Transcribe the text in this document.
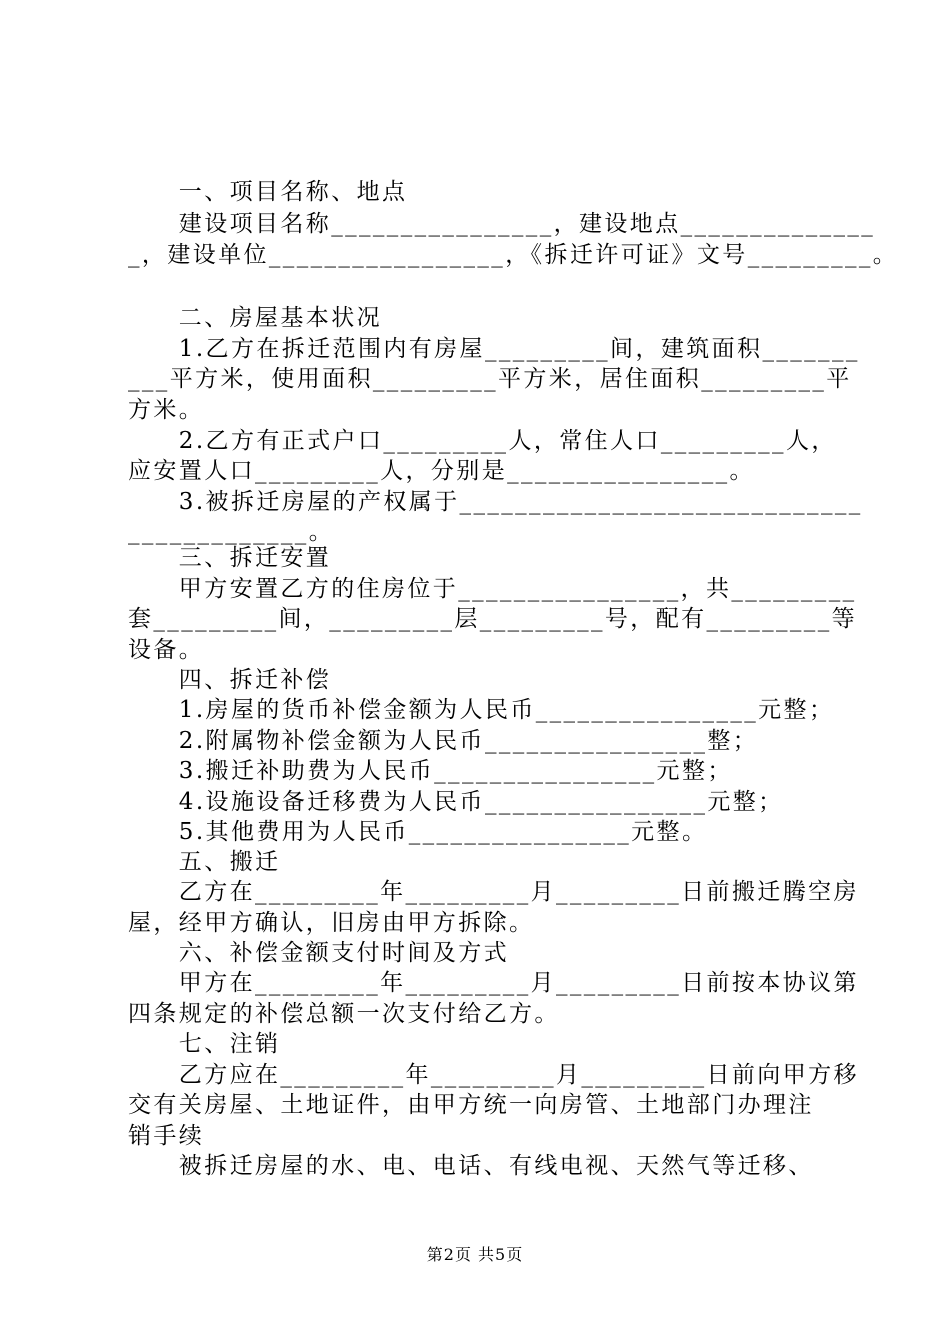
　　一、项目名称、地点
　　建设项目名称________________，建设地点______________
_，建设单位_________________，《拆迁许可证》文号_________。
　　二、房屋基本状况
　　1.乙方在拆迁范围内有房屋_________间，建筑面积_______
___平方米，使用面积_________平方米，居住面积_________平
方米。
　　2.乙方有正式户口_________人，常住人口_________人，
应安置人口_________人，分别是________________。
　　3.被拆迁房屋的产权属于_____________________________
_____________。
　　三、拆迁安置
　　甲方安置乙方的住房位于________________，共_________
套_________间，_________层_________号，配有_________等
设备。
　　四、拆迁补偿
　　1.房屋的货币补偿金额为人民币________________元整；
　　2.附属物补偿金额为人民币________________整；
　　3.搬迁补助费为人民币________________元整；
　　4.设施设备迁移费为人民币________________元整；
　　5.其他费用为人民币________________元整。
　　五、搬迁
　　乙方在_________年_________月_________日前搬迁腾空房
屋，经甲方确认，旧房由甲方拆除。
　　六、补偿金额支付时间及方式
　　甲方在_________年_________月_________日前按本协议第
四条规定的补偿总额一次支付给乙方。
　　七、注销
　　乙方应在_________年_________月_________日前向甲方移
交有关房屋、土地证件，由甲方统一向房管、土地部门办理注
销手续
　　被拆迁房屋的水、电、电话、有线电视、天然气等迁移、
第2页 共5页
